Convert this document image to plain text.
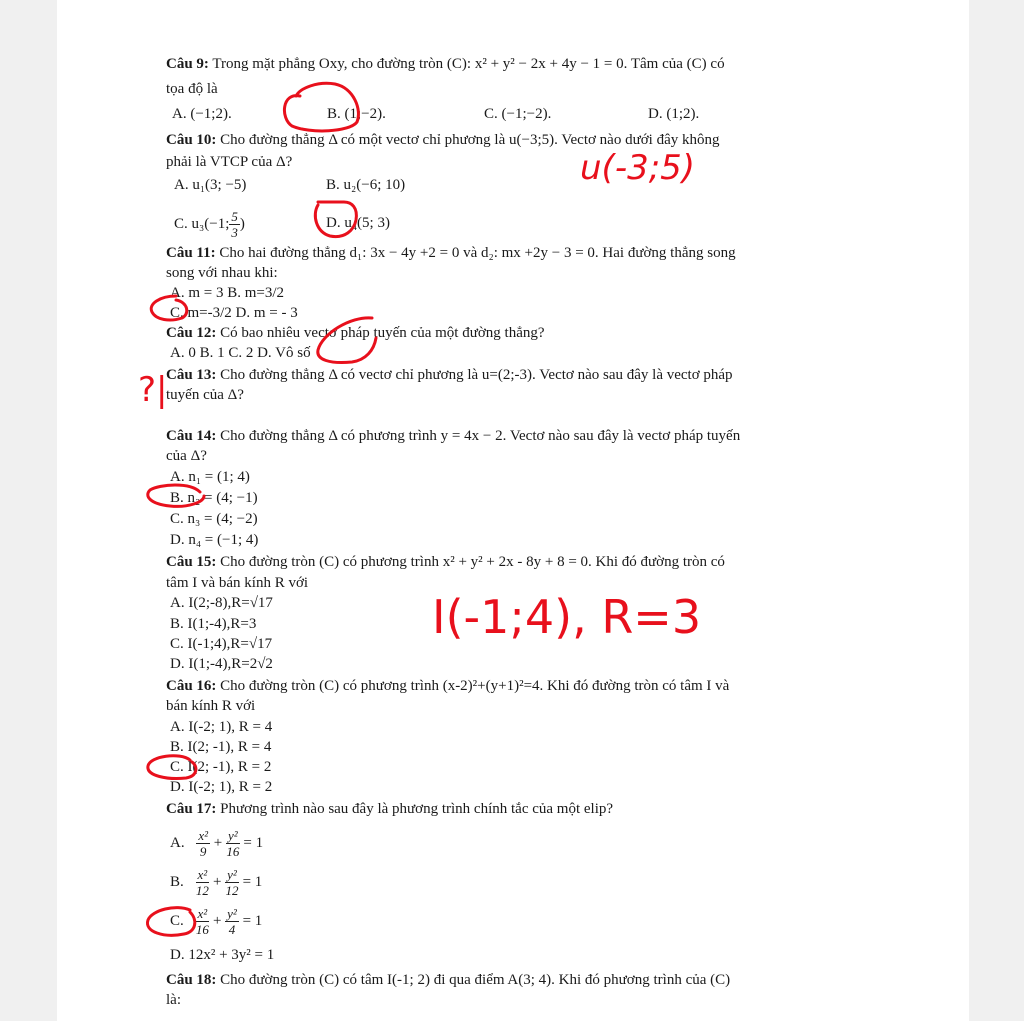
Câu 9: Trong mặt phẳng Oxy, cho đường tròn (C): x² + y² − 2x + 4y − 1 = 0. Tâm của (C) có
tọa độ là
A. (−1;2).	B. (1;−2).	C. (−1;−2).	D. (1;2).
Câu 10: Cho đường thẳng Δ có một vectơ chỉ phương là u(−3;5). Vectơ nào dưới đây không
phải là VTCP của Δ?
A. u₁(3; −5)	B. u₂(−6; 10)
C. u₃(−1; $\frac{5}{3}$ )	D. u₄(5; 3)
Câu 11: Cho hai đường thẳng d₁: 3x − 4y +2 = 0 và d₂: mx +2y − 3 = 0. Hai đường thẳng song
song với nhau khi:
A. m = 3 B. m=3/2
C. m=-3/2 D. m = - 3
Câu 12: Có bao nhiêu vectơ pháp tuyến của một đường thẳng?
A. 0 B. 1 C. 2 D. Vô số
Câu 13: Cho đường thẳng Δ có vectơ chỉ phương là u=(2;-3). Vectơ nào sau đây là vectơ pháp
tuyến của Δ?
Câu 14: Cho đường thẳng Δ có phương trình y = 4x − 2. Vectơ nào sau đây là vectơ pháp tuyến
của Δ?
A. n₁ = (1; 4)
B. n₂ = (4; −1)
C. n₃ = (4; −2)
D. n₄ = (−1; 4)
Câu 15: Cho đường tròn (C) có phương trình x² + y² + 2x - 8y + 8 = 0. Khi đó đường tròn có
tâm I và bán kính R với
A. I(2;-8),R=√17
B. I(1;-4),R=3
C. I(-1;4),R=√17
D. I(1;-4),R=2√2
Câu 16: Cho đường tròn (C) có phương trình (x-2)²+(y+1)²=4. Khi đó đường tròn có tâm I và
bán kính R với
A. I(-2; 1), R = 4
B. I(2; -1), R = 4
C. I(2; -1), R = 2
D. I(-2; 1), R = 2
Câu 17: Phương trình nào sau đây là phương trình chính tắc của một elip?
A. $\frac{\text{x²}}{9} + \frac{\text{y²}}{16} = 1$
B. $\frac{\text{x²}}{12} + \frac{\text{y²}}{12} = 1$
C. $\frac{\text{x²}}{16} + \frac{\text{y²}}{4} = 1$
D. 12x² + 3y² = 1
Câu 18: Cho đường tròn (C) có tâm I(-1; 2) đi qua điểm A(3; 4). Khi đó phương trình của (C)
là:
u(-3;5)
?|
I(-1;4), R=3
